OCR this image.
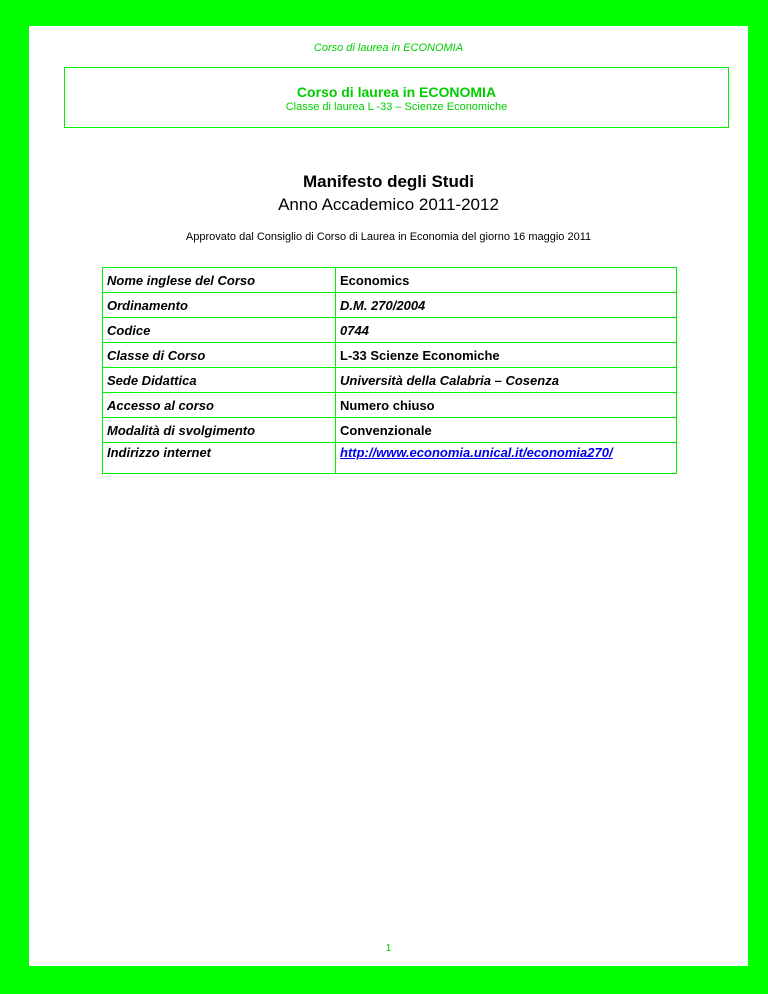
Corso di laurea in ECONOMIA
Corso di laurea in ECONOMIA
Classe di laurea L -33 – Scienze Economiche
Manifesto degli Studi
Anno Accademico 2011-2012
Approvato dal Consiglio di Corso di Laurea in Economia del giorno 16 maggio 2011
Nome inglese del Corso	Economics
Ordinamento	D.M. 270/2004
Codice	0744
Classe di Corso	L-33 Scienze Economiche
Sede Didattica	Università della Calabria – Cosenza
Accesso al corso	Numero chiuso
Modalità di svolgimento	Convenzionale
Indirizzo internet	http://www.economia.unical.it/economia270/
1
